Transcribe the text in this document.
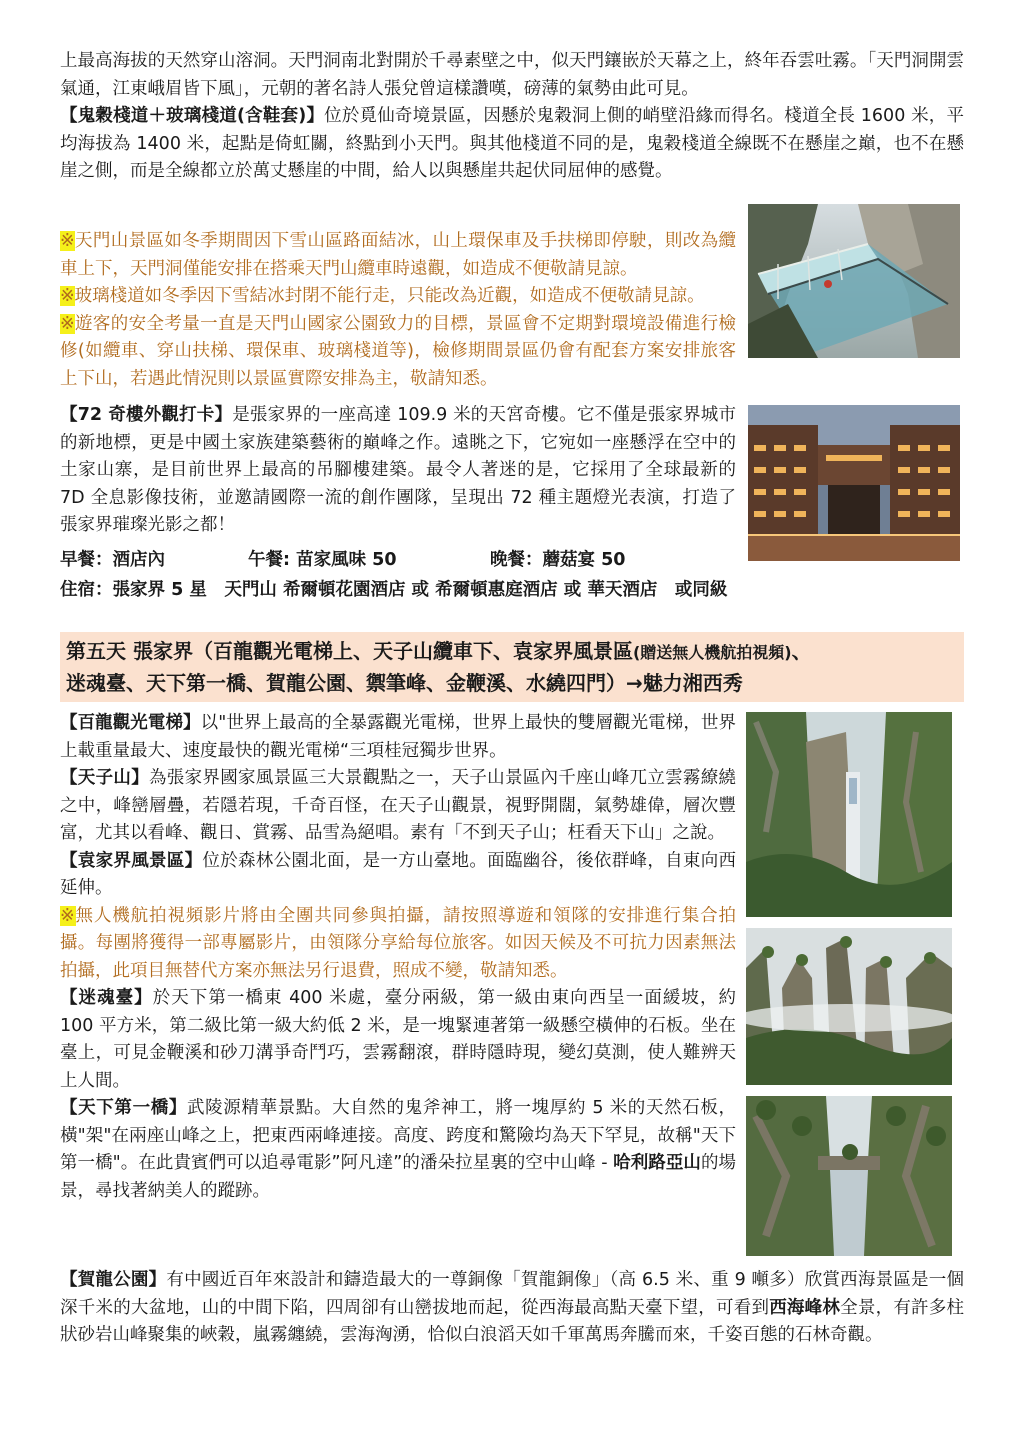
上最高海拔的天然穿山溶洞。天門洞南北對開於千尋素壁之中，似天門鑲嵌於天幕之上，終年吞雲吐霧。「天門洞開雲氣通，江東峨眉皆下風」，元朝的著名詩人張兌曾這樣讚嘆，磅薄的氣勢由此可見。

【鬼穀棧道＋玻璃棧道(含鞋套)】位於覓仙奇境景區，因懸於鬼穀洞上側的峭壁沿緣而得名。棧道全長 1600 米，平均海拔為 1400 米，起點是倚虹關，終點到小天門。與其他棧道不同的是，鬼穀棧道全線既不在懸崖之巔，也不在懸崖之側，而是全線都立於萬丈懸崖的中間，給人以與懸崖共起伏同屈伸的感覺。

※天門山景區如冬季期間因下雪山區路面結冰，山上環保車及手扶梯即停駛，則改為纜車上下，天門洞僅能安排在搭乘天門山纜車時遠觀，如造成不便敬請見諒。

※玻璃棧道如冬季因下雪結冰封閉不能行走，只能改為近觀，如造成不便敬請見諒。

※遊客的安全考量一直是天門山國家公園致力的目標，景區會不定期對環境設備進行檢修(如纜車、穿山扶梯、環保車、玻璃棧道等)，檢修期間景區仍會有配套方案安排旅客上下山，若遇此情況則以景區實際安排為主，敬請知悉。

【72 奇樓外觀打卡】是張家界的一座高達 109.9 米的天宮奇樓。它不僅是張家界城市的新地標，更是中國土家族建築藝術的巔峰之作。遠眺之下，它宛如一座懸浮在空中的土家山寨，是目前世界上最高的吊腳樓建築。最令人著迷的是，它採用了全球最新的 7D 全息影像技術，並邀請國際一流的創作團隊，呈現出 72 種主題燈光表演，打造了張家界璀璨光影之都！

早餐：酒店內	午餐: 苗家風味 50	晚餐：蘑菇宴 50
住宿：張家界 5 星　天門山 希爾頓花園酒店 或 希爾頓惠庭酒店 或 華天酒店　或同級
第五天 張家界（百龍觀光電梯上、天子山纜車下、袁家界風景區(贈送無人機航拍視頻)、
迷魂臺、天下第一橋、賀龍公園、禦筆峰、金鞭溪、水繞四門）→魅力湘西秀

【百龍觀光電梯】以"世界上最高的全暴露觀光電梯，世界上最快的雙層觀光電梯，世界上載重量最大、速度最快的觀光電梯“三項桂冠獨步世界。

【天子山】為張家界國家風景區三大景觀點之一，天子山景區內千座山峰兀立雲霧繚繞之中，峰巒層疊，若隱若現，千奇百怪，在天子山觀景，視野開闊，氣勢雄偉，層次豐富，尤其以看峰、觀日、賞霧、品雪為絕唱。素有「不到天子山；枉看天下山」之說。

【袁家界風景區】位於森林公園北面，是一方山臺地。面臨幽谷，後依群峰，自東向西延伸。

※無人機航拍視頻影片將由全團共同參與拍攝，請按照導遊和領隊的安排進行集合拍攝。每團將獲得一部專屬影片，由領隊分享給每位旅客。如因天候及不可抗力因素無法拍攝，此項目無替代方案亦無法另行退費，照成不變，敬請知悉。

【迷魂臺】於天下第一橋東 400 米處，臺分兩級，第一級由東向西呈一面緩坡，約 100 平方米，第二級比第一級大約低 2 米，是一塊緊連著第一級懸空橫伸的石板。坐在臺上，可見金鞭溪和砂刀溝爭奇鬥巧，雲霧翻滾，群時隱時現，變幻莫測，使人難辨天上人間。

【天下第一橋】武陵源精華景點。大自然的鬼斧神工，將一塊厚約 5 米的天然石板，橫"架"在兩座山峰之上，把東西兩峰連接。高度、跨度和驚險均為天下罕見，故稱"天下第一橋"。在此貴賓們可以追尋電影”阿凡達”的潘朵拉星裏的空中山峰 - 哈利路亞山的場景，尋找著納美人的蹤跡。

【賀龍公園】有中國近百年來設計和鑄造最大的一尊銅像「賀龍銅像」（高 6.5 米、重 9 噸多）欣賞西海景區是一個深千米的大盆地，山的中間下陷，四周卻有山巒拔地而起，從西海最高點天臺下望，可看到西海峰林全景，有許多柱狀砂岩山峰聚集的峽穀，嵐霧纏繞，雲海洶湧，恰似白浪滔天如千軍萬馬奔騰而來，千姿百態的石林奇觀。
